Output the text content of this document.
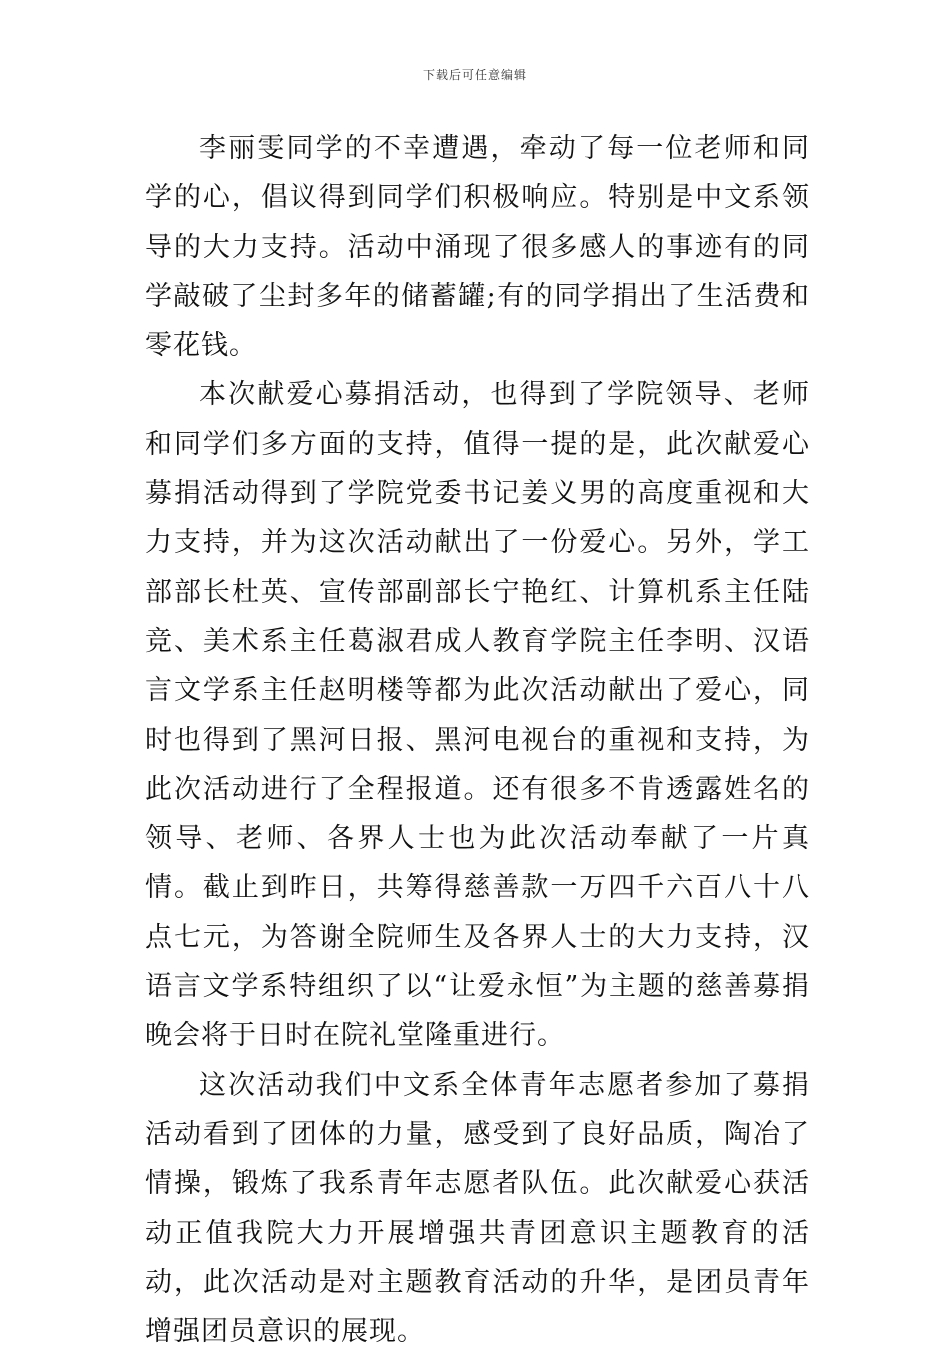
下载后可任意编辑

李丽雯同学的不幸遭遇，牵动了每一位老师和同学的心，倡议得到同学们积极响应。特别是中文系领导的大力支持。活动中涌现了很多感人的事迹有的同学敲破了尘封多年的储蓄罐;有的同学捐出了生活费和零花钱。

本次献爱心募捐活动，也得到了学院领导、老师和同学们多方面的支持，值得一提的是，此次献爱心募捐活动得到了学院党委书记姜义男的高度重视和大力支持，并为这次活动献出了一份爱心。另外，学工部部长杜英、宣传部副部长宁艳红、计算机系主任陆竞、美术系主任葛淑君成人教育学院主任李明、汉语言文学系主任赵明楼等都为此次活动献出了爱心，同时也得到了黑河日报、黑河电视台的重视和支持，为此次活动进行了全程报道。还有很多不肯透露姓名的领导、老师、各界人士也为此次活动奉献了一片真情。截止到昨日，共筹得慈善款一万四千六百八十八点七元，为答谢全院师生及各界人士的大力支持，汉语言文学系特组织了以“让爱永恒”为主题的慈善募捐晚会将于日时在院礼堂隆重进行。

这次活动我们中文系全体青年志愿者参加了募捐活动看到了团体的力量，感受到了良好品质，陶冶了情操，锻炼了我系青年志愿者队伍。此次献爱心获活动正值我院大力开展增强共青团意识主题教育的活动，此次活动是对主题教育活动的升华，是团员青年增强团员意识的展现。
